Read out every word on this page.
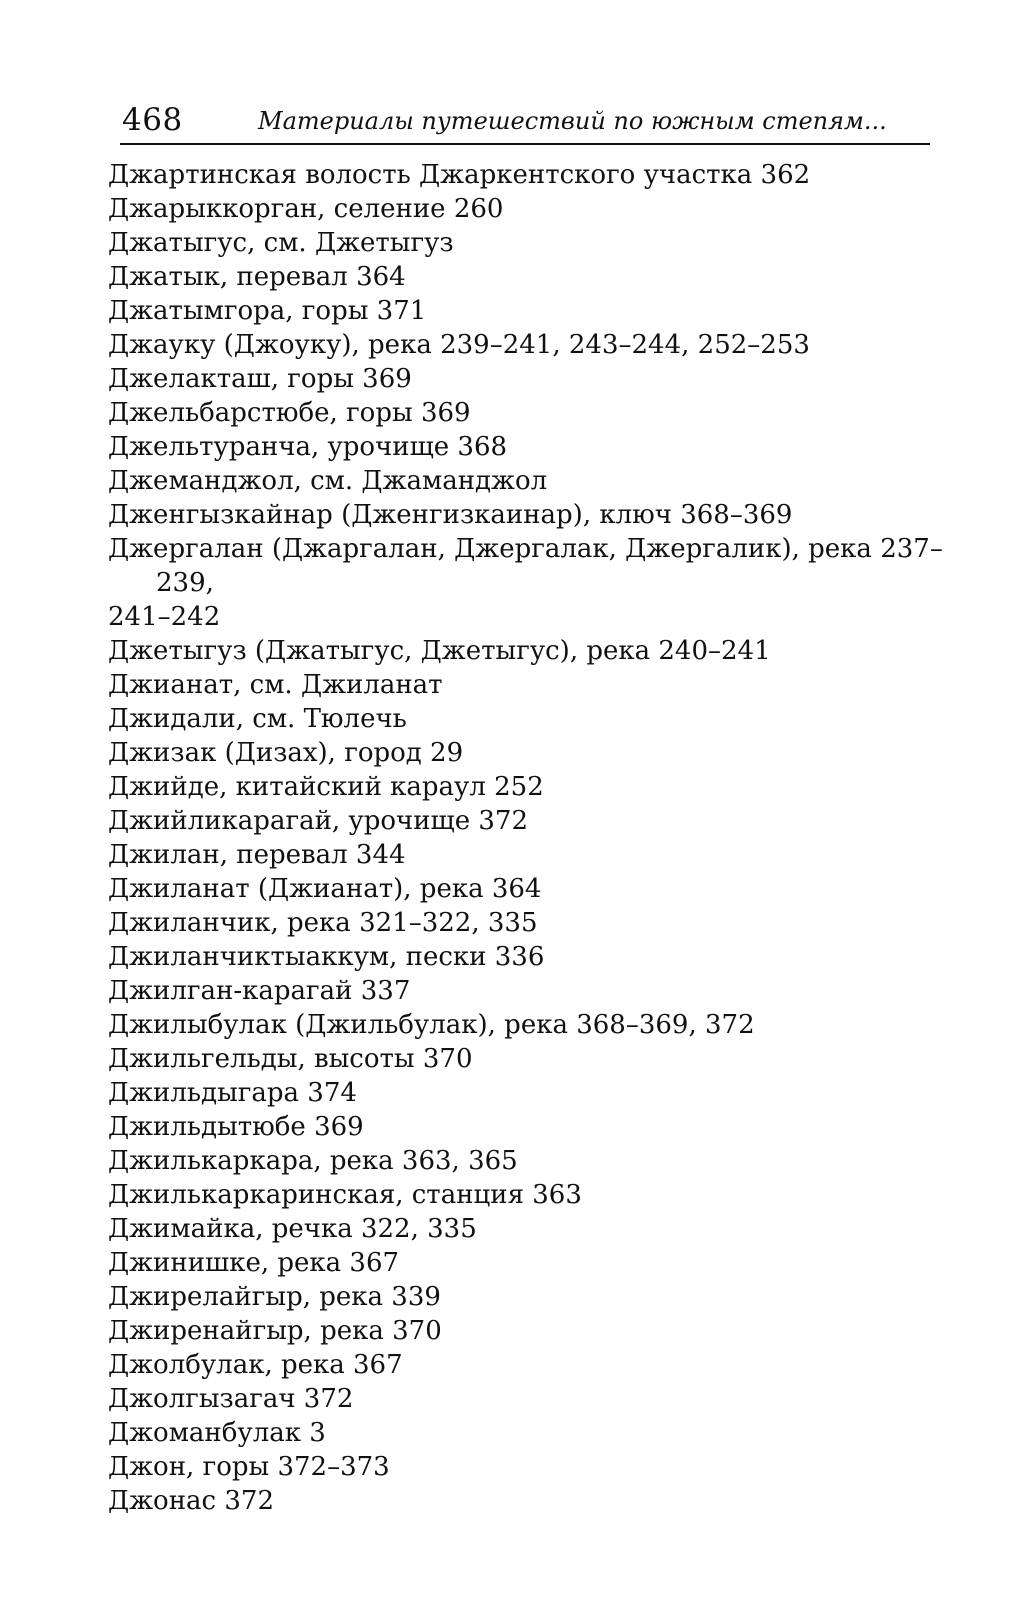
468	Материалы путешествий по южным степям...
Джартинская волость Джаркентского участка 362
Джарыккорган, селение 260
Джатыгус, см. Джетыгуз
Джатык, перевал 364
Джатымгора, горы 371
Джауку (Джоуку), река 239–241, 243–244, 252–253
Джелакташ, горы 369
Джельбарстюбе, горы 369
Джельтуранча, урочище 368
Джеманджол, см. Джаманджол
Дженгызкайнар (Дженгизкаинар), ключ 368–369
Джергалан (Джаргалан, Джергалак, Джергалик), река 237–239,
241–242
Джетыгуз (Джатыгус, Джетыгус), река 240–241
Джианат, см. Джиланат
Джидали, см. Тюлечь
Джизак (Дизах), город 29
Джийде, китайский караул 252
Джийликарагай, урочище 372
Джилан, перевал 344
Джиланат (Джианат), река 364
Джиланчик, река 321–322, 335
Джиланчиктыаккум, пески 336
Джилган-карагай 337
Джилыбулак (Джильбулак), река 368–369, 372
Джильгельды, высоты 370
Джильдыгара 374
Джильдытюбе 369
Джилькаркара, река 363, 365
Джилькаркаринская, станция 363
Джимайка, речка 322, 335
Джинишке, река 367
Джирелайгыр, река 339
Джиренайгыр, река 370
Джолбулак, река 367
Джолгызагач 372
Джоманбулак 3
Джон, горы 372–373
Джонас 372
